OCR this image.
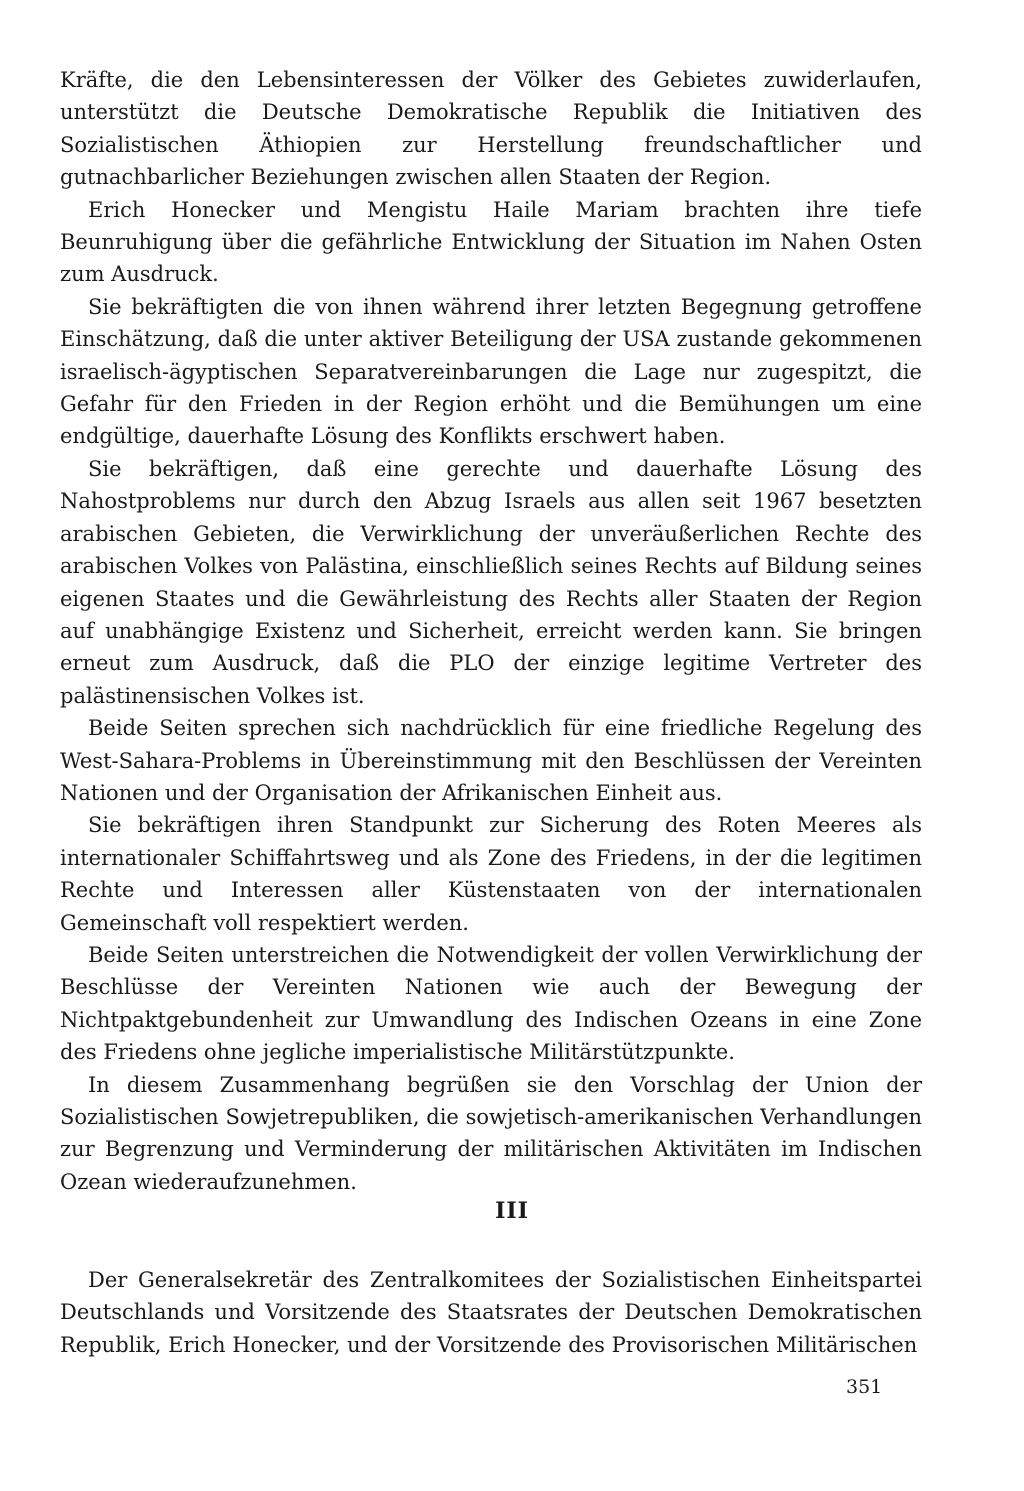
Kräfte, die den Lebensinteressen der Völker des Gebietes zuwiderlaufen, unterstützt die Deutsche Demokratische Republik die Initiativen des Sozialistischen Äthiopien zur Herstellung freundschaftlicher und gutnachbarlicher Beziehungen zwischen allen Staaten der Region.

Erich Honecker und Mengistu Haile Mariam brachten ihre tiefe Beunruhigung über die gefährliche Entwicklung der Situation im Nahen Osten zum Ausdruck.

Sie bekräftigten die von ihnen während ihrer letzten Begegnung getroffene Einschätzung, daß die unter aktiver Beteiligung der USA zustande gekommenen israelisch-ägyptischen Separatvereinbarungen die Lage nur zugespitzt, die Gefahr für den Frieden in der Region erhöht und die Bemühungen um eine endgültige, dauerhafte Lösung des Konflikts erschwert haben.

Sie bekräftigen, daß eine gerechte und dauerhafte Lösung des Nahostproblems nur durch den Abzug Israels aus allen seit 1967 besetzten arabischen Gebieten, die Verwirklichung der unveräußerlichen Rechte des arabischen Volkes von Palästina, einschließlich seines Rechts auf Bildung seines eigenen Staates und die Gewährleistung des Rechts aller Staaten der Region auf unabhängige Existenz und Sicherheit, erreicht werden kann. Sie bringen erneut zum Ausdruck, daß die PLO der einzige legitime Vertreter des palästinensischen Volkes ist.

Beide Seiten sprechen sich nachdrücklich für eine friedliche Regelung des West-Sahara-Problems in Übereinstimmung mit den Beschlüssen der Vereinten Nationen und der Organisation der Afrikanischen Einheit aus.

Sie bekräftigen ihren Standpunkt zur Sicherung des Roten Meeres als internationaler Schiffahrtsweg und als Zone des Friedens, in der die legitimen Rechte und Interessen aller Küstenstaaten von der internationalen Gemeinschaft voll respektiert werden.

Beide Seiten unterstreichen die Notwendigkeit der vollen Verwirklichung der Beschlüsse der Vereinten Nationen wie auch der Bewegung der Nichtpaktgebundenheit zur Umwandlung des Indischen Ozeans in eine Zone des Friedens ohne jegliche imperialistische Militärstützpunkte.

In diesem Zusammenhang begrüßen sie den Vorschlag der Union der Sozialistischen Sowjetrepubliken, die sowjetisch-amerikanischen Verhandlungen zur Begrenzung und Verminderung der militärischen Aktivitäten im Indischen Ozean wiederaufzunehmen.

III

Der Generalsekretär des Zentralkomitees der Sozialistischen Einheitspartei Deutschlands und Vorsitzende des Staatsrates der Deutschen Demokratischen Republik, Erich Honecker, und der Vorsitzende des Provisorischen Militärischen

351
